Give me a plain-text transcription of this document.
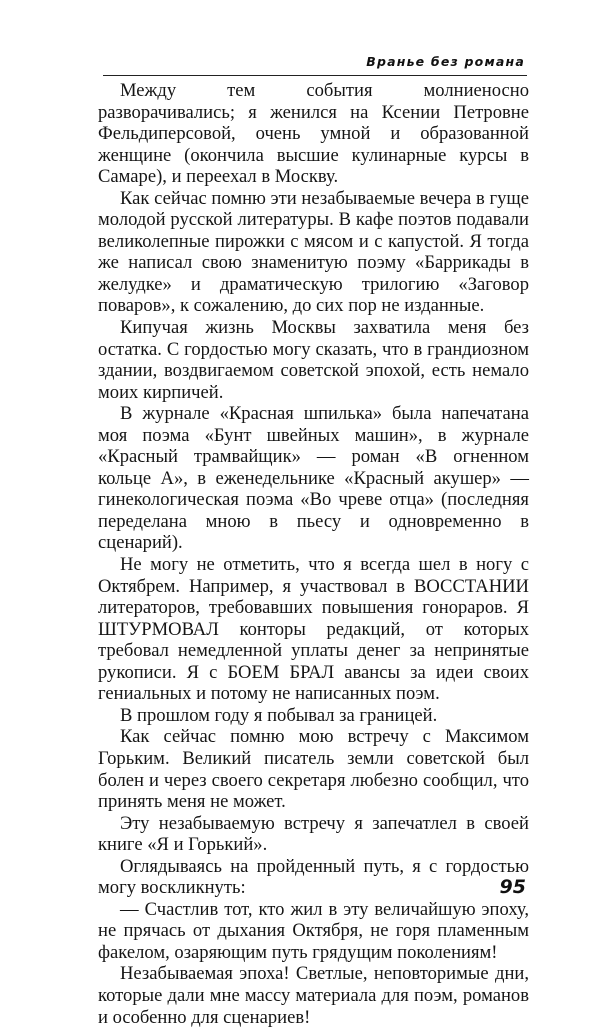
Вранье без романа

Между тем события молниеносно разворачивались; я женился на Ксении Петровне Фельдиперсовой, очень умной и образованной женщине (окончила высшие кулинарные курсы в Самаре), и переехал в Москву.

Как сейчас помню эти незабываемые вечера в гуще молодой русской литературы. В кафе поэтов подавали великолепные пирожки с мясом и с капустой. Я тогда же написал свою знаменитую поэму «Баррикады в желудке» и драматическую трилогию «Заговор поваров», к сожалению, до сих пор не изданные.

Кипучая жизнь Москвы захватила меня без остатка. С гордостью могу сказать, что в грандиозном здании, воздвигаемом советской эпохой, есть немало моих кирпичей.

В журнале «Красная шпилька» была напечатана моя поэма «Бунт швейных машин», в журнале «Красный трамвайщик» — роман «В огненном кольце А», в еженедельнике «Красный акушер» — гинекологическая поэма «Во чреве отца» (последняя переделана мною в пьесу и одновременно в сценарий).

Не могу не отметить, что я всегда шел в ногу с Октябрем. Например, я участвовал в ВОССТАНИИ литераторов, требовавших повышения гонораров. Я ШТУРМОВАЛ конторы редакций, от которых требовал немедленной уплаты денег за непринятые рукописи. Я с БОЕМ БРАЛ авансы за идеи своих гениальных и потому не написанных поэм.

В прошлом году я побывал за границей.

Как сейчас помню мою встречу с Максимом Горьким. Великий писатель земли советской был болен и через своего секретаря любезно сообщил, что принять меня не может.

Эту незабываемую встречу я запечатлел в своей книге «Я и Горький».

Оглядываясь на пройденный путь, я с гордостью могу воскликнуть:

— Счастлив тот, кто жил в эту величайшую эпоху, не прячась от дыхания Октября, не горя пламенным факелом, озаряющим путь грядущим поколениям!

Незабываемая эпоха! Светлые, неповторимые дни, которые дали мне массу материала для поэм, романов и особенно для сценариев!

95
